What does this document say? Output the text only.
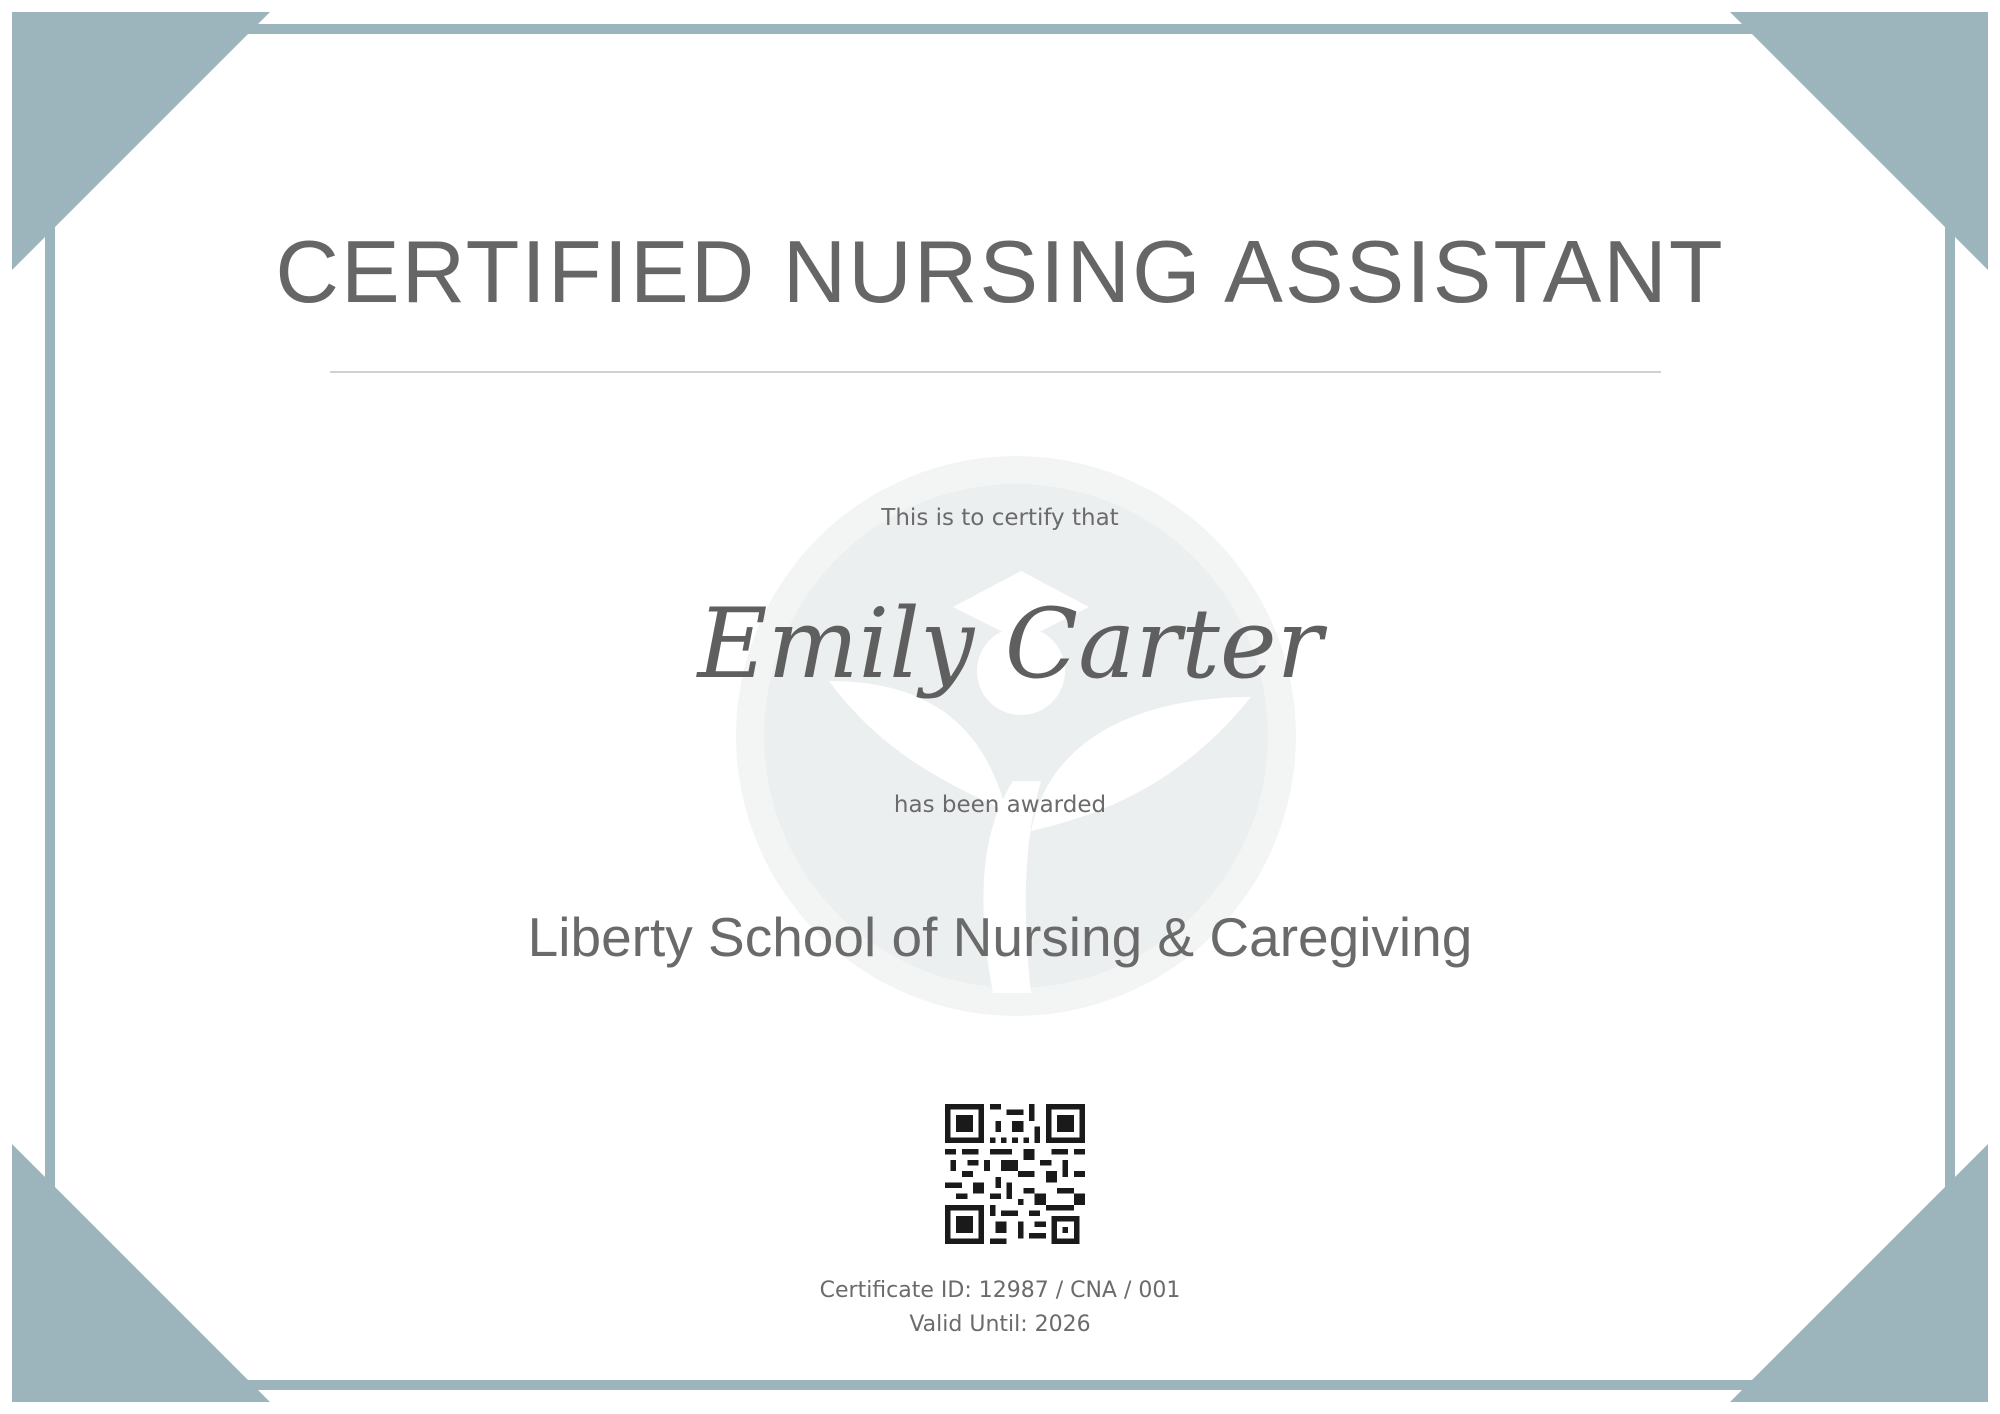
CERTIFIED NURSING ASSISTANT
This is to certify that
Emily Carter
has been awarded
Liberty School of Nursing & Caregiving
Certificate ID: 12987 / CNA / 001
Valid Until: 2026
